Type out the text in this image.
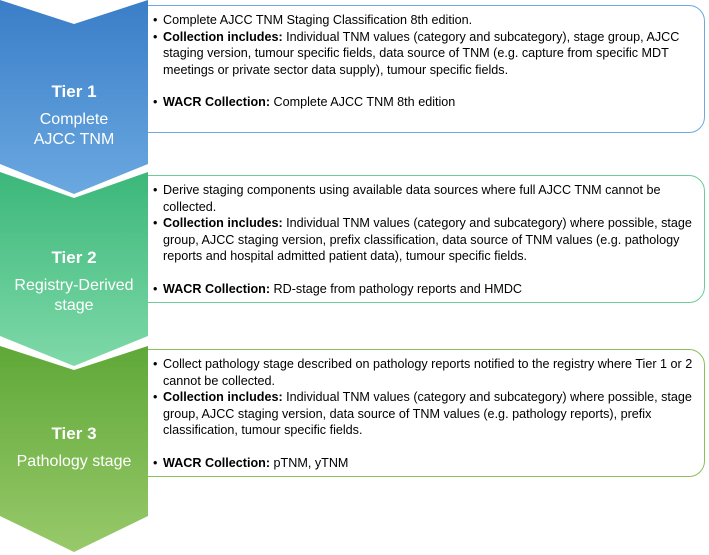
• Complete AJCC TNM Staging Classification 8th edition.
• Collection includes: Individual TNM values (category and subcategory), stage group, AJCC staging version, tumour specific fields, data source of TNM (e.g. capture from specific MDT meetings or private sector data supply), tumour specific fields.
• WACR Collection: Complete AJCC TNM 8th edition
Tier 1
Complete AJCC TNM
• Derive staging components using available data sources where full AJCC TNM cannot be collected.
• Collection includes: Individual TNM values (category and subcategory) where possible, stage group, AJCC staging version, prefix classification, data source of TNM values (e.g. pathology reports and hospital admitted patient data), tumour specific fields.
• WACR Collection: RD-stage from pathology reports and HMDC
Tier 2
Registry-Derived stage
• Collect pathology stage described on pathology reports notified to the registry where Tier 1 or 2 cannot be collected.
• Collection includes: Individual TNM values (category and subcategory) where possible, stage group, AJCC staging version, data source of TNM values (e.g. pathology reports), prefix classification, tumour specific fields.
• WACR Collection: pTNM, yTNM
Tier 3
Pathology stage
